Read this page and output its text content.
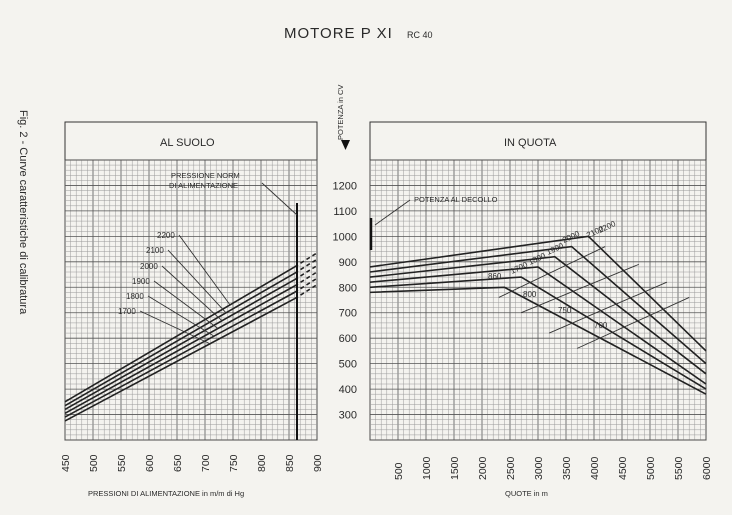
MOTORE P XI RC 40
Fig. 2 - Curve caratteristiche di calibratura	AL SUOLO
450 500 550 600 650 700 750 800 850 900
2200
2100
2000
1900
1800
1700
PRESSIONE NORM
DI ALIMENTAZIONE
PRESSIONI DI ALIMENTAZIONE in m/m di Hg
POTENZA in CV
1200
1100
1000
900
800
700
600
500
400
300
IN QUOTA
500 1000 1500 2000 2500 3000 3500 4000 4500 5000 5500 6000
2200
2100
2000
1900
1800
1700
860
800
750
700
POTENZA AL DECOLLO
QUOTE in m
